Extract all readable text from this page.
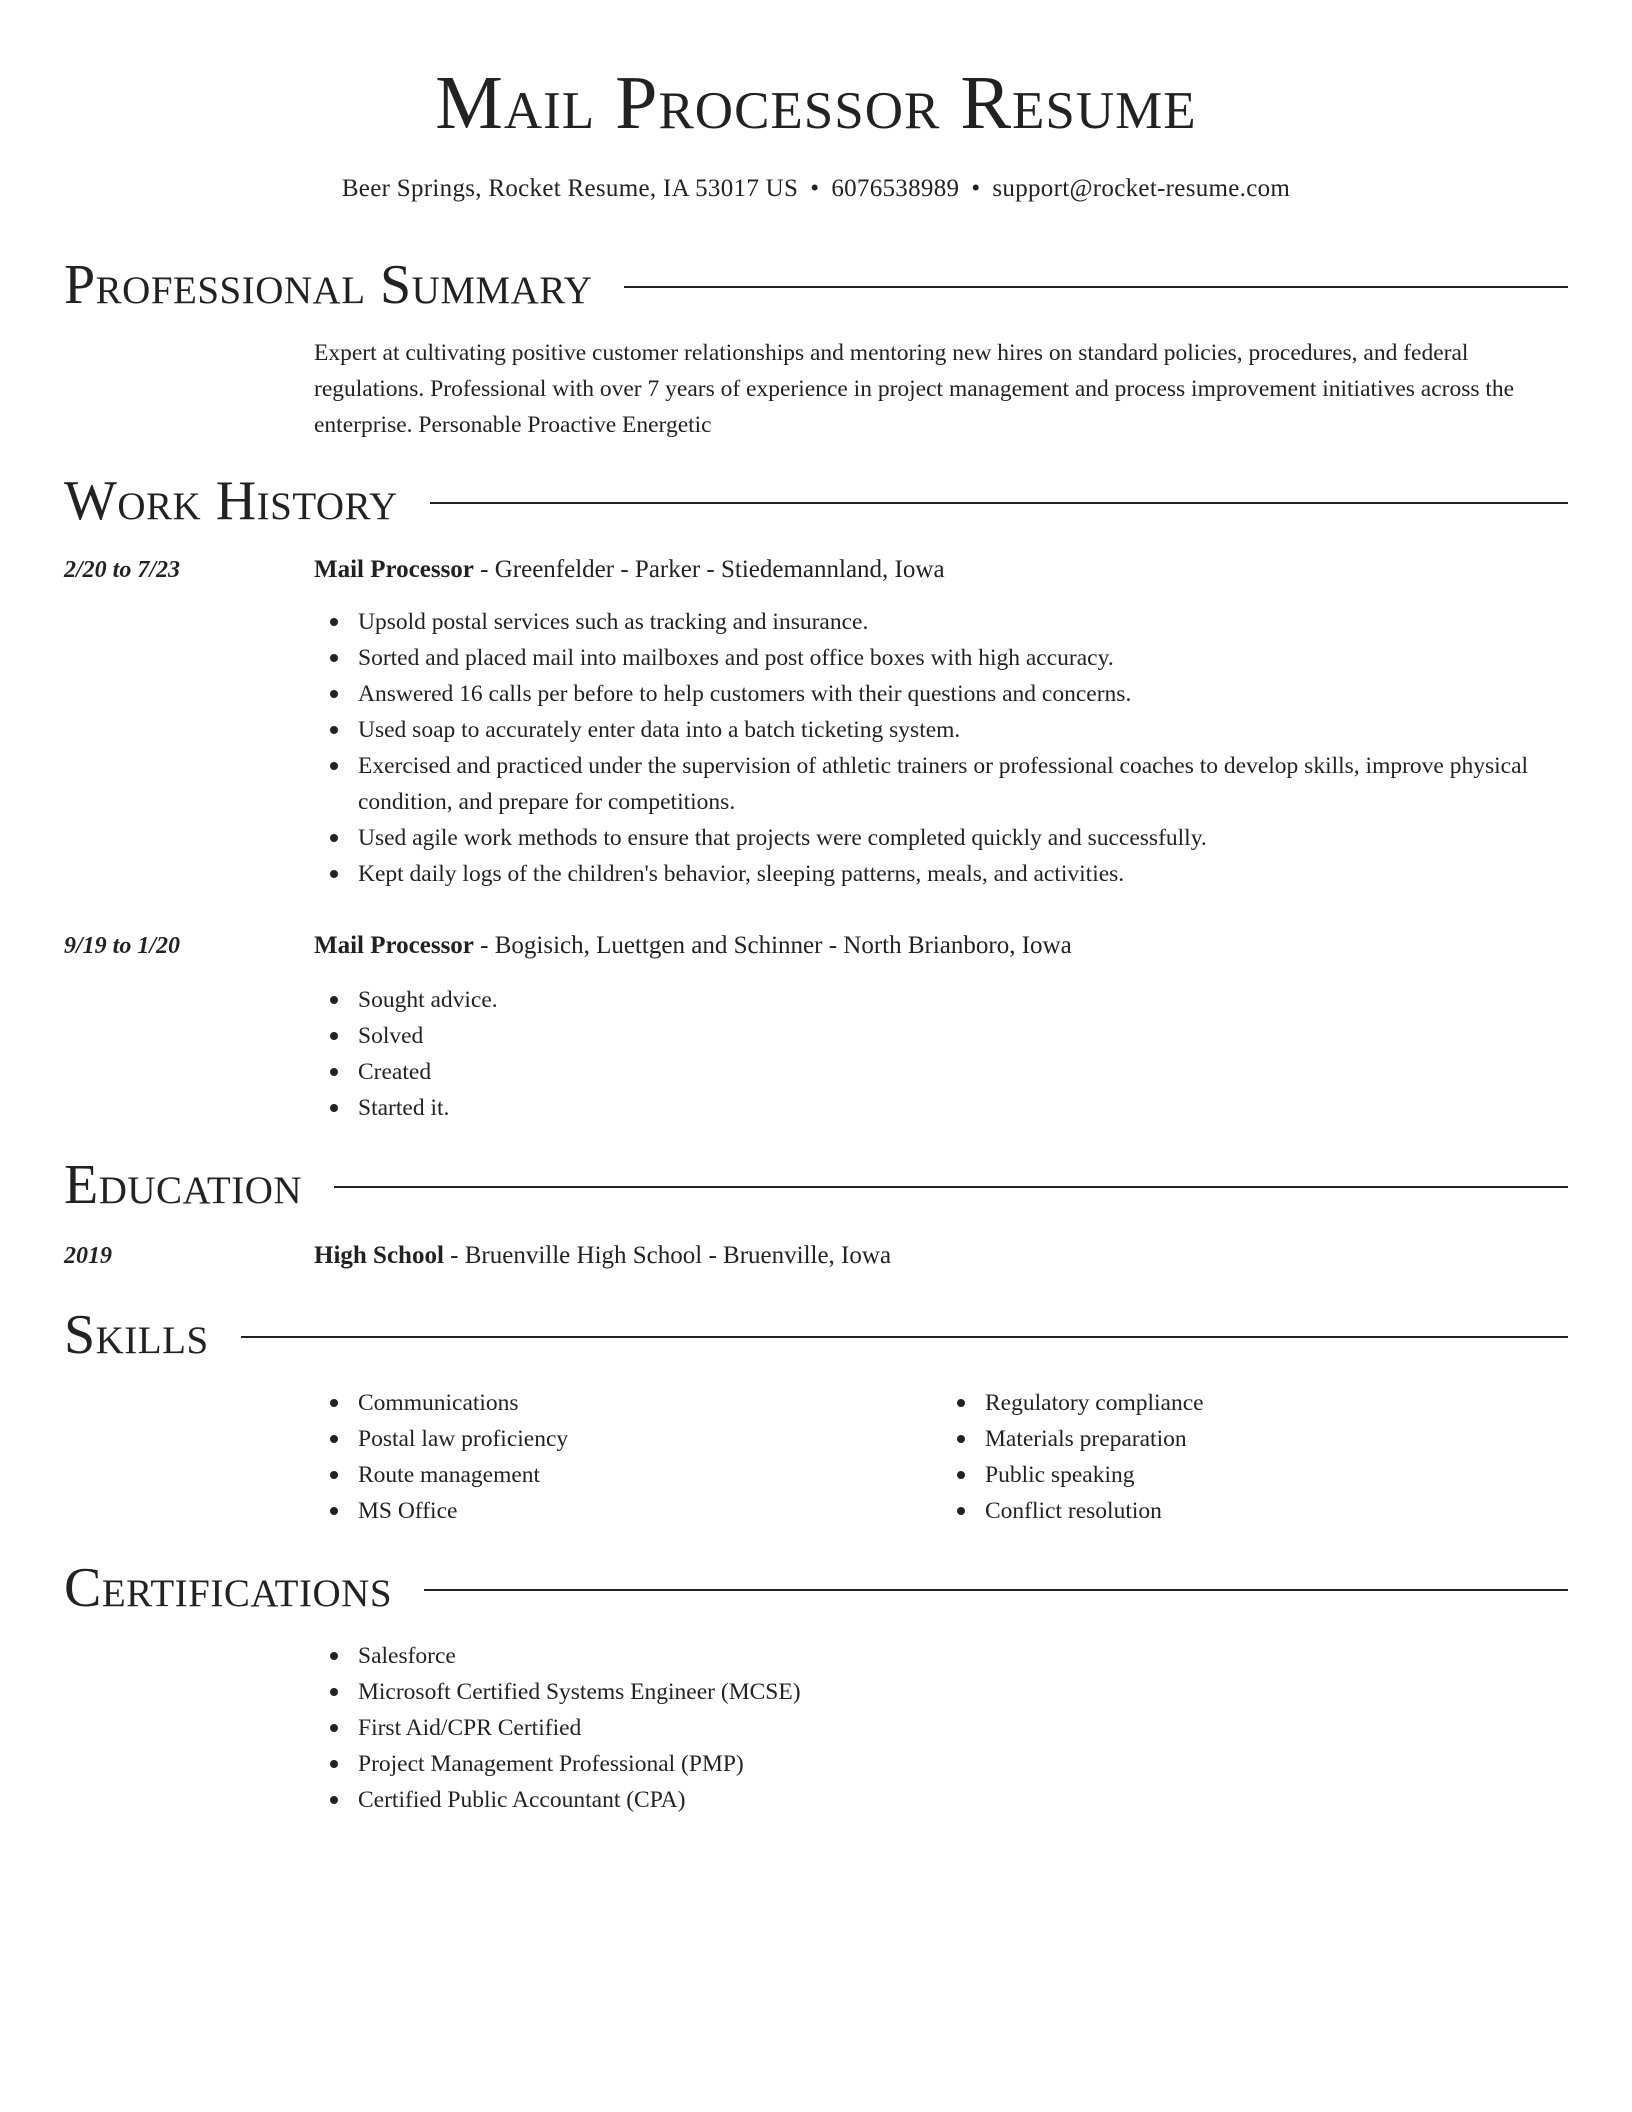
Mail Processor Resume
Beer Springs, Rocket Resume, IA 53017 US • 6076538989 • support@rocket-resume.com
Professional Summary
Expert at cultivating positive customer relationships and mentoring new hires on standard policies, procedures, and federal regulations. Professional with over 7 years of experience in project management and process improvement initiatives across the enterprise. Personable Proactive Energetic
Work History
2/20 to 7/23	Mail Processor - Greenfelder - Parker - Stiedemannland, Iowa
Upsold postal services such as tracking and insurance.
Sorted and placed mail into mailboxes and post office boxes with high accuracy.
Answered 16 calls per before to help customers with their questions and concerns.
Used soap to accurately enter data into a batch ticketing system.
Exercised and practiced under the supervision of athletic trainers or professional coaches to develop skills, improve physical condition, and prepare for competitions.
Used agile work methods to ensure that projects were completed quickly and successfully.
Kept daily logs of the children's behavior, sleeping patterns, meals, and activities.
9/19 to 1/20	Mail Processor - Bogisich, Luettgen and Schinner - North Brianboro, Iowa
Sought advice.
Solved
Created
Started it.
Education
2019	High School - Bruenville High School - Bruenville, Iowa
Skills
Communications
Postal law proficiency
Route management
MS Office
Regulatory compliance
Materials preparation
Public speaking
Conflict resolution
Certifications
Salesforce
Microsoft Certified Systems Engineer (MCSE)
First Aid/CPR Certified
Project Management Professional (PMP)
Certified Public Accountant (CPA)
